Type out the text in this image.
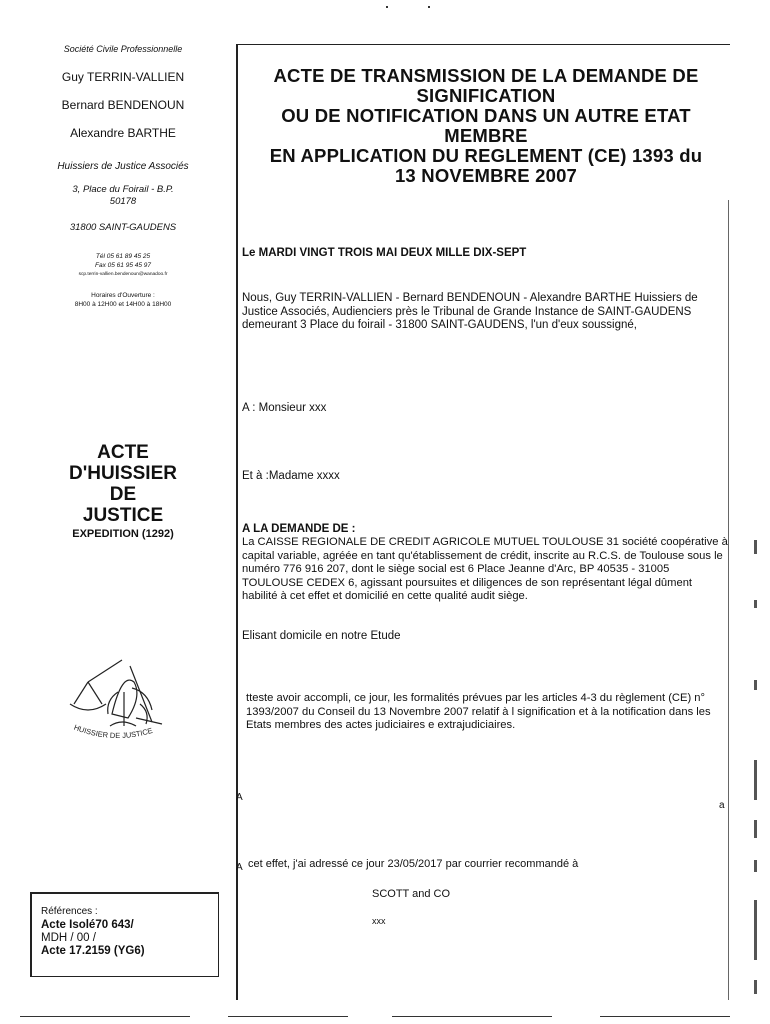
Société Civile Professionnelle
Guy TERRIN-VALLIEN
Bernard BENDENOUN
Alexandre BARTHE
Huissiers de Justice Associés
3, Place du Foirail - B.P.
50178
31800 SAINT-GAUDENS
Tél 05 61 89 45 25
Fax 05 61 95 45 97
scp.terrin-vallien.bendenoun@wanadoo.fr
Horaires d'Ouverture :
8H00 à 12H00 et 14H00 à 18H00
ACTE
D'HUISSIER
DE
JUSTICE
EXPEDITION (1292)
HUISSIER DE JUSTICE
Références :
Acte Isolé70 643/
MDH / 00 /
Acte 17.2159 (YG6)
ACTE DE TRANSMISSION DE LA DEMANDE DE
SIGNIFICATION
OU DE NOTIFICATION DANS UN AUTRE ETAT
MEMBRE
EN APPLICATION DU REGLEMENT (CE) 1393 du
13 NOVEMBRE 2007
Le MARDI VINGT TROIS MAI DEUX MILLE DIX-SEPT
Nous, Guy TERRIN-VALLIEN - Bernard BENDENOUN - Alexandre BARTHE Huissiers de Justice Associés, Audienciers près le Tribunal de Grande Instance de SAINT-GAUDENS demeurant 3 Place du foirail - 31800 SAINT-GAUDENS, l'un d'eux soussigné,
A : Monsieur xxx
Et à :Madame xxxx
A LA DEMANDE DE :
La CAISSE REGIONALE DE CREDIT AGRICOLE MUTUEL TOULOUSE 31 société coopérative à capital variable, agréée en tant qu'établissement de crédit, inscrite au R.C.S. de Toulouse sous le numéro 776 916 207, dont le siège social est 6 Place Jeanne d'Arc, BP 40535 - 31005 TOULOUSE CEDEX 6, agissant poursuites et diligences de son représentant légal dûment habilité à cet effet et domicilié en cette qualité audit siège.
Elisant domicile en notre Etude
tteste avoir accompli, ce jour, les formalités prévues par les articles 4-3 du règlement (CE) n° 1393/2007 du Conseil du 13 Novembre 2007 relatif à l signification et à la notification dans les Etats membres des actes judiciaires e extrajudiciaires.
A
a
A cet effet, j'ai adressé ce jour 23/05/2017 par courrier recommandé à
SCOTT and CO
xxx
